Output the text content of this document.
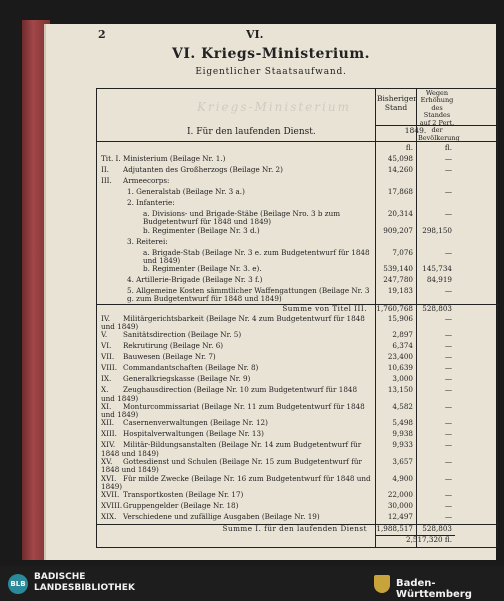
2	VI.
VI. Kriegs-Ministerium.
Eigentlicher Staatsaufwand.
Kriegs-Ministerium
Bisheriger Stand
Wegen Erhöhung des Standes auf 2 Pert. der Bevölkerung
1849.
I. Für den laufenden Dienst.
fl.	fl.
Tit. I. Ministerium (Beilage Nr. 1.)	45,098	—
II. Adjutanten des Großherzogs (Beilage Nr. 2)	14,260	—
III. Armeecorps:
1. Generalstab (Beilage Nr. 3 a.)	17,868	—
2. Infanterie:
a. Divisions- und Brigade-Stäbe (Beilage Nro. 3 b zum Budgetentwurf für 1848 und 1849)
20,314	—
b. Regimenter (Beilage Nr. 3 d.)	909,207	298,150
3. Reiterei:
a. Brigade-Stab (Beilage Nr. 3 e. zum Budgetentwurf für 1848 und 1849)
7,076	—
b. Regimenter (Beilage Nr. 3. e).	539,140	145,734
4. Artillerie-Brigade (Beilage Nr. 3 f.)	247,780	84,919
5. Allgemeine Kosten sämmtlicher Waffengattungen (Beilage Nr. 3 g. zum Budgetentwurf für 1848 und 1849)
19,183	—
Summe von Titel III.	1,760,768	528,803
IV. Militärgerichtsbarkeit (Beilage Nr. 4 zum Budgetentwurf für 1848 und 1849)
15,906	—
V. Sanitätsdirection (Beilage Nr. 5)	2,897	—
VI. Rekrutirung (Beilage Nr. 6)	6,374	—
VII. Bauwesen (Beilage Nr. 7)	23,400	—
VIII. Commandantschaften (Beilage Nr. 8)	10,639	—
IX. Generalkriegskasse (Beilage Nr. 9)	3,000	—
X. Zeughausdirection (Beilage Nr. 10 zum Budgetentwurf für 1848 und 1849)
13,150	—
XI. Monturcommissariat (Beilage Nr. 11 zum Budgetentwurf für 1848 und 1849)
4,582	—
XII. Casernenverwaltungen (Beilage Nr. 12)	5,498	—
XIII. Hospitalverwaltungen (Beilage Nr. 13)	9,938	—
XIV. Militär-Bildungsanstalten (Beilage Nr. 14 zum Budgetentwurf für 1848 und 1849)
9,933	—
XV. Gottesdienst und Schulen (Beilage Nr. 15 zum Budgetentwurf für 1848 und 1849)
3,657	—
XVI. Für milde Zwecke (Beilage Nr. 16 zum Budgetentwurf für 1848 und 1849)
4,900	—
XVII. Transportkosten (Beilage Nr. 17)	22,000	—
XVIII.Gruppengelder (Beilage Nr. 18)	30,000	—
XIX. Verschiedene und zufällige Ausgaben (Beilage Nr. 19)	12,497	—
Summe I. für den laufenden Dienst	1,988,517	528,803
2,517,320 fl.
BLB
BADISCHE
LANDESBIBLIOTHEK	Baden-Württemberg
